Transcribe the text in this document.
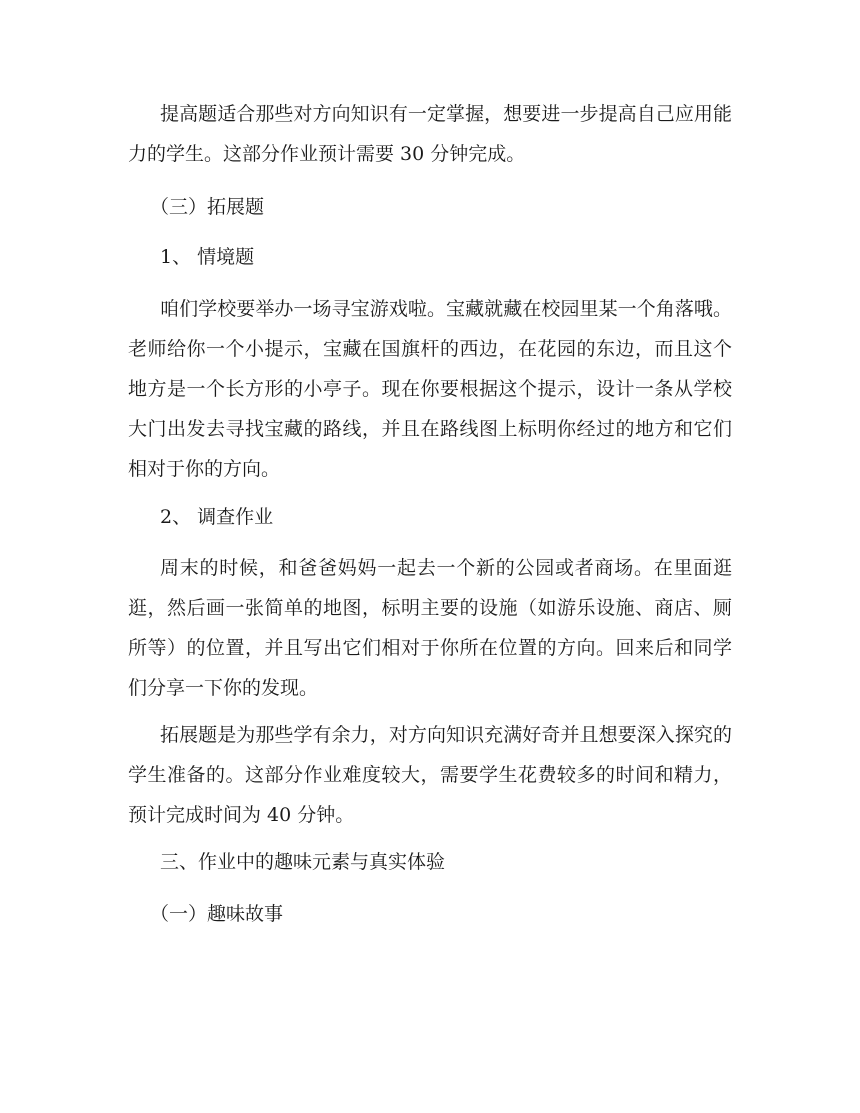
提高题适合那些对方向知识有一定掌握，想要进一步提高自己应用能力的学生。这部分作业预计需要 30 分钟完成。

（三）拓展题

1、 情境题

咱们学校要举办一场寻宝游戏啦。宝藏就藏在校园里某一个角落哦。老师给你一个小提示，宝藏在国旗杆的西边，在花园的东边，而且这个地方是一个长方形的小亭子。现在你要根据这个提示，设计一条从学校大门出发去寻找宝藏的路线，并且在路线图上标明你经过的地方和它们相对于你的方向。

2、 调查作业

周末的时候，和爸爸妈妈一起去一个新的公园或者商场。在里面逛逛，然后画一张简单的地图，标明主要的设施（如游乐设施、商店、厕所等）的位置，并且写出它们相对于你所在位置的方向。回来后和同学们分享一下你的发现。

拓展题是为那些学有余力，对方向知识充满好奇并且想要深入探究的学生准备的。这部分作业难度较大，需要学生花费较多的时间和精力，预计完成时间为 40 分钟。

三、作业中的趣味元素与真实体验

（一）趣味故事
